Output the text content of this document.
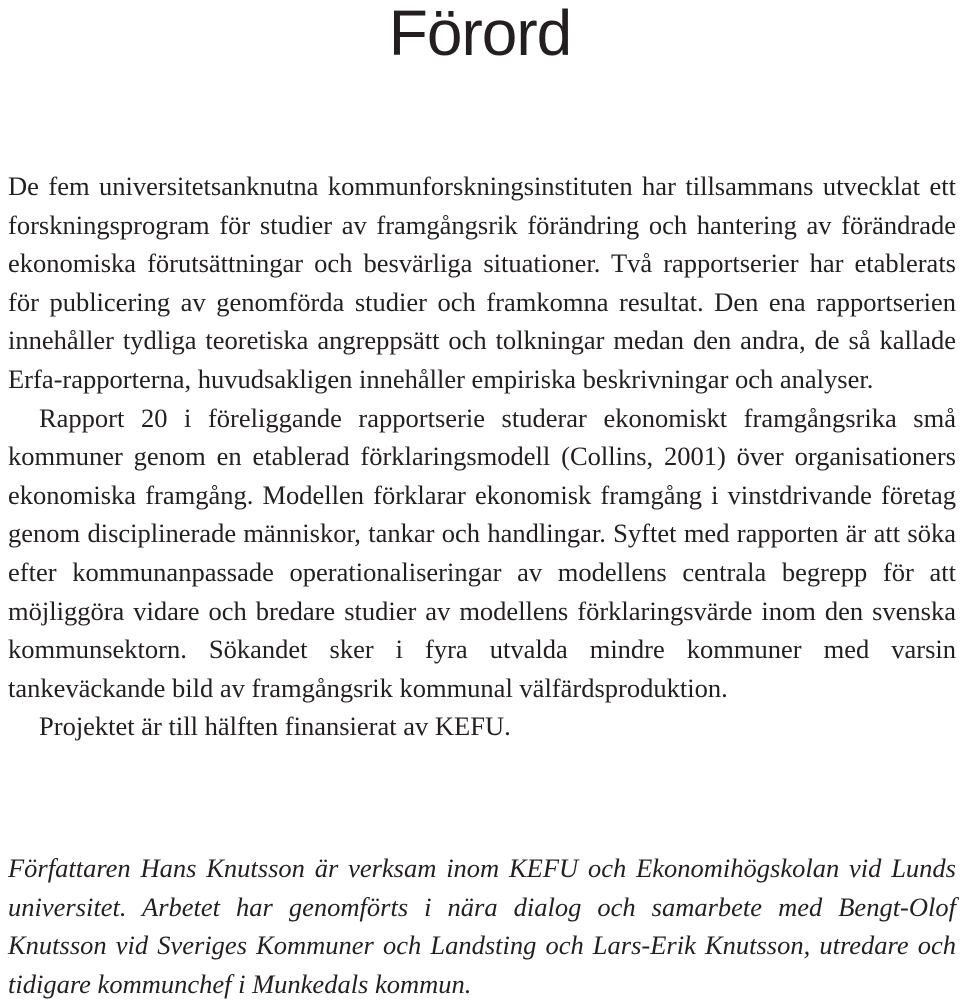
Förord

De fem universitetsanknutna kommunforskningsinstituten har tillsammans utvecklat ett forskningsprogram för studier av framgångsrik förändring och hantering av förändrade ekonomiska förutsättningar och besvärliga situationer. Två rapportserier har etablerats för publicering av genomförda studier och framkomna resultat. Den ena rapportserien innehåller tydliga teoretiska angreppsätt och tolkningar medan den andra, de så kallade Erfa-rapporterna, huvudsakligen innehåller empiriska beskrivningar och analyser.

Rapport 20 i föreliggande rapportserie studerar ekonomiskt framgångsrika små kommuner genom en etablerad förklaringsmodell (Collins, 2001) över organisationers ekonomiska framgång. Modellen förklarar ekonomisk framgång i vinstdrivande företag genom disciplinerade människor, tankar och handlingar. Syftet med rapporten är att söka efter kommunanpassade operationaliseringar av modellens centrala begrepp för att möjliggöra vidare och bredare studier av modellens förklaringsvärde inom den svenska kommunsektorn. Sökandet sker i fyra utvalda mindre kommuner med varsin tankeväckande bild av framgångsrik kommunal välfärdsproduktion.

Projektet är till hälften finansierat av KEFU.

Författaren Hans Knutsson är verksam inom KEFU och Ekonomihögskolan vid Lunds universitet. Arbetet har genomförts i nära dialog och samarbete med Bengt-Olof Knutsson vid Sveriges Kommuner och Landsting och Lars-Erik Knutsson, utredare och tidigare kommunchef i Munkedals kommun.
